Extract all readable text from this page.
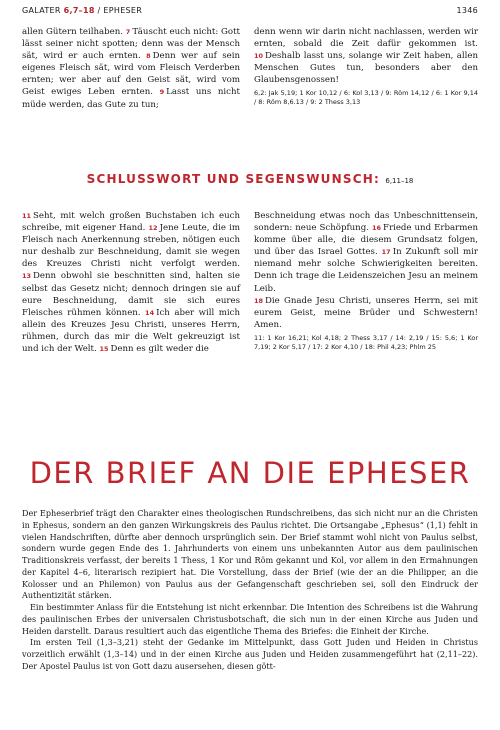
GALATER 6,7–18 / EPHESER	1346

allen Gütern teilhaben. 7 Täuscht euch nicht: Gott lässt seiner nicht spotten; denn was der Mensch sät, wird er auch ernten. 8 Denn wer auf sein eigenes Fleisch sät, wird vom Fleisch Verderben ernten; wer aber auf den Geist sät, wird vom Geist ewiges Leben ernten. 9 Lasst uns nicht müde werden, das Gute zu tun;

denn wenn wir darin nicht nachlassen, werden wir ernten, sobald die Zeit dafür gekommen ist. 10 Deshalb lasst uns, solange wir Zeit haben, allen Menschen Gutes tun, besonders aber den Glaubensgenossen!

6,2: Jak 5,19; 1 Kor 10,12 / 6: Kol 3,13 / 9: Röm 14,12 / 6: 1 Kor 9,14 / 8: Röm 8,6.13 / 9: 2 Thess 3,13

SCHLUSSWORT UND SEGENSWUNSCH: 6,11–18

11 Seht, mit welch großen Buchstaben ich euch schreibe, mit eigener Hand. 12 Jene Leute, die im Fleisch nach Anerkennung streben, nötigen euch nur deshalb zur Beschneidung, damit sie wegen des Kreuzes Christi nicht verfolgt werden. 13 Denn obwohl sie beschnitten sind, halten sie selbst das Gesetz nicht; dennoch dringen sie auf eure Beschneidung, damit sie sich eures Fleisches rühmen können. 14 Ich aber will mich allein des Kreuzes Jesu Christi, unseres Herrn, rühmen, durch das mir die Welt gekreuzigt ist und ich der Welt. 15 Denn es gilt weder die

Beschneidung etwas noch das Unbeschnittensein, sondern: neue Schöpfung. 16 Friede und Erbarmen komme über alle, die diesem Grundsatz folgen, und über das Israel Gottes. 17 In Zukunft soll mir niemand mehr solche Schwierigkeiten bereiten. Denn ich trage die Leidenszeichen Jesu an meinem Leib.

18 Die Gnade Jesu Christi, unseres Herrn, sei mit eurem Geist, meine Brüder und Schwestern! Amen.

11: 1 Kor 16,21; Kol 4,18; 2 Thess 3,17 / 14: 2,19 / 15: 5,6; 1 Kor 7,19; 2 Kor 5,17 / 17: 2 Kor 4,10 / 18: Phil 4,23; Phlm 25

DER BRIEF AN DIE EPHESER

Der Epheserbrief trägt den Charakter eines theologischen Rundschreibens, das sich nicht nur an die Christen in Ephesus, sondern an den ganzen Wirkungskreis des Paulus richtet. Die Ortsangabe „Ephesus“ (1,1) fehlt in vielen Handschriften, dürfte aber dennoch ursprünglich sein. Der Brief stammt wohl nicht von Paulus selbst, sondern wurde gegen Ende des 1. Jahrhunderts von einem uns unbekannten Autor aus dem paulinischen Traditionskreis verfasst, der bereits 1 Thess, 1 Kor und Röm gekannt und Kol, vor allem in den Ermahnungen der Kapitel 4–6, literarisch rezipiert hat. Die Vorstellung, dass der Brief (wie der an die Philipper, an die Kolosser und an Philemon) von Paulus aus der Gefangenschaft geschrieben sei, soll den Eindruck der Authentizität stärken.

Ein bestimmter Anlass für die Entstehung ist nicht erkennbar. Die Intention des Schreibens ist die Wahrung des paulinischen Erbes der universalen Christusbotschaft, die sich nun in der einen Kirche aus Juden und Heiden darstellt. Daraus resultiert auch das eigentliche Thema des Briefes: die Einheit der Kirche.

Im ersten Teil (1,3–3,21) steht der Gedanke im Mittelpunkt, dass Gott Juden und Heiden in Christus vorzeitlich erwählt (1,3–14) und in der einen Kirche aus Juden und Heiden zusammengeführt hat (2,11–22). Der Apostel Paulus ist von Gott dazu ausersehen, diesen gött-
